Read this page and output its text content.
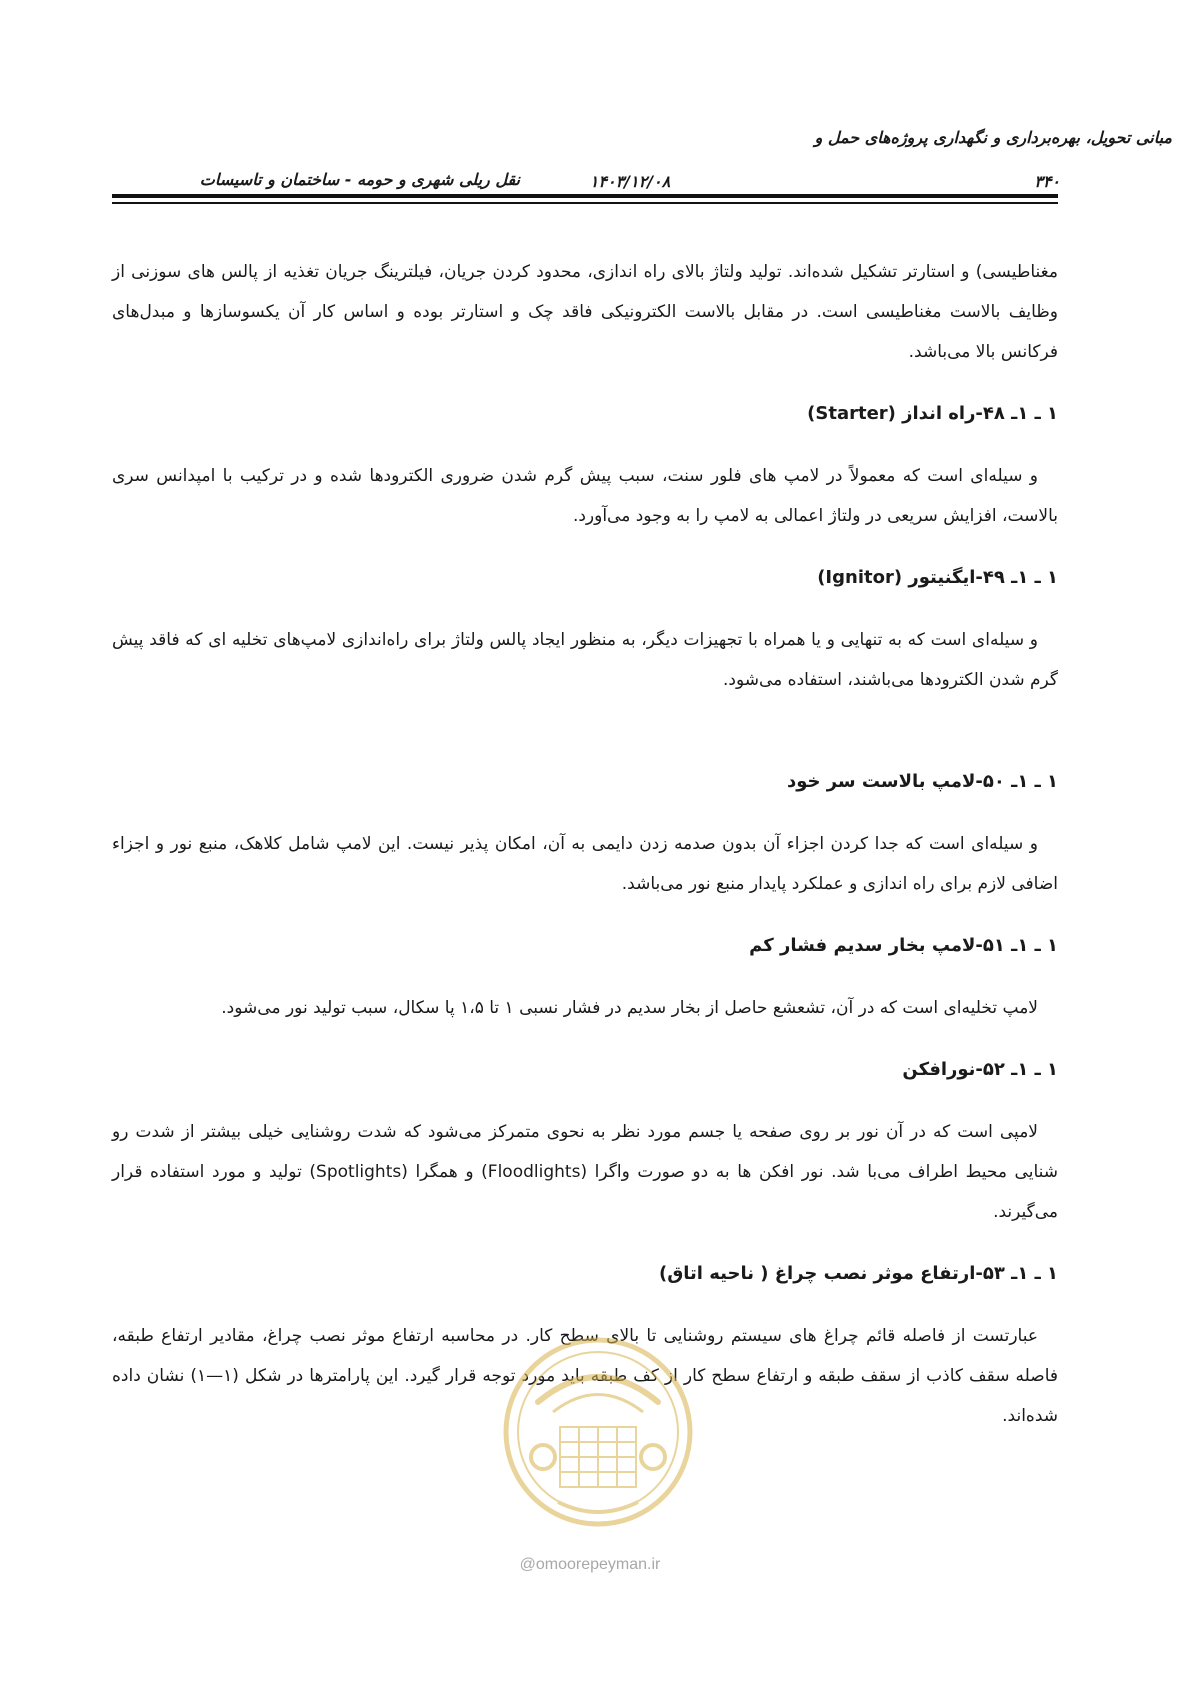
مبانی تحویل، بهره‌برداری و نگهداری پروژه‌های حمل و
نقل ریلی شهری و حومه - ساختمان و تاسیسات	۱۴۰۳/۱۲/۰۸	۳۴۰

مغناطیسی) و استارتر تشکیل شده‌اند. تولید ولتاژ بالای راه اندازی، محدود کردن جریان، فیلترینگ جریان تغذیه از پالس های سوزنی از وظایف بالاست مغناطیسی است. در مقابل بالاست الکترونیکی فاقد چک و استارتر بوده و اساس کار آن یکسوسازها و مبدل‌های فرکانس بالا می‌باشد.

۱ ـ ۱ـ ۴۸-راه انداز (Starter)

و سیله‌ای است که معمولاً در لامپ های فلور سنت، سبب پیش گرم شدن ضروری الکترودها شده و در ترکیب با امپدانس سری بالاست، افزایش سریعی در ولتاژ اعمالی به لامپ را به وجود می‌آورد.

۱ ـ ۱ـ ۴۹-ایگنیتور (Ignitor)

و سیله‌ای است که به تنهایی و یا همراه با تجهیزات دیگر، به منظور ایجاد پالس ولتاژ برای راه‌اندازی لامپ‌های تخلیه ای که فاقد پیش گرم شدن الکترودها می‌باشند، استفاده می‌شود.

۱ ـ ۱ـ ۵۰-لامپ بالاست سر خود

و سیله‌ای است که جدا کردن اجزاء آن بدون صدمه زدن دایمی به آن، امکان پذیر نیست. این لامپ شامل کلاهک، منبع نور و اجزاء اضافی لازم برای راه اندازی و عملکرد پایدار منبع نور می‌باشد.

۱ ـ ۱ـ ۵۱-لامپ بخار سدیم فشار کم

لامپ تخلیه‌ای است که در آن، تشعشع حاصل از بخار سدیم در فشار نسبی ۱ تا ۱،۵ پا سکال، سبب تولید نور می‌شود.

۱ ـ ۱ـ ۵۲-نورافکن

لامپی است که در آن نور بر روی صفحه یا جسم مورد نظر به نحوی متمرکز می‌شود که شدت روشنایی خیلی بیشتر از شدت رو شنایی محیط اطراف می‌با شد. نور افکن ها به دو صورت واگرا (Floodlights) و همگرا (Spotlights) تولید و مورد استفاده قرار می‌گیرند.

۱ ـ ۱ـ ۵۳-ارتفاع موثر نصب چراغ ( ناحیه اتاق)

عبارتست از فاصله قائم چراغ های سیستم روشنایی تا بالای سطح کار. در محاسبه ارتفاع موثر نصب چراغ، مقادیر ارتفاع طبقه، فاصله سقف کاذب از سقف طبقه و ارتفاع سطح کار از کف طبقه باید مورد توجه قرار گیرد. این پارامترها در شکل (۱—۱) نشان داده شده‌اند.

@omoorepeyman.ir
